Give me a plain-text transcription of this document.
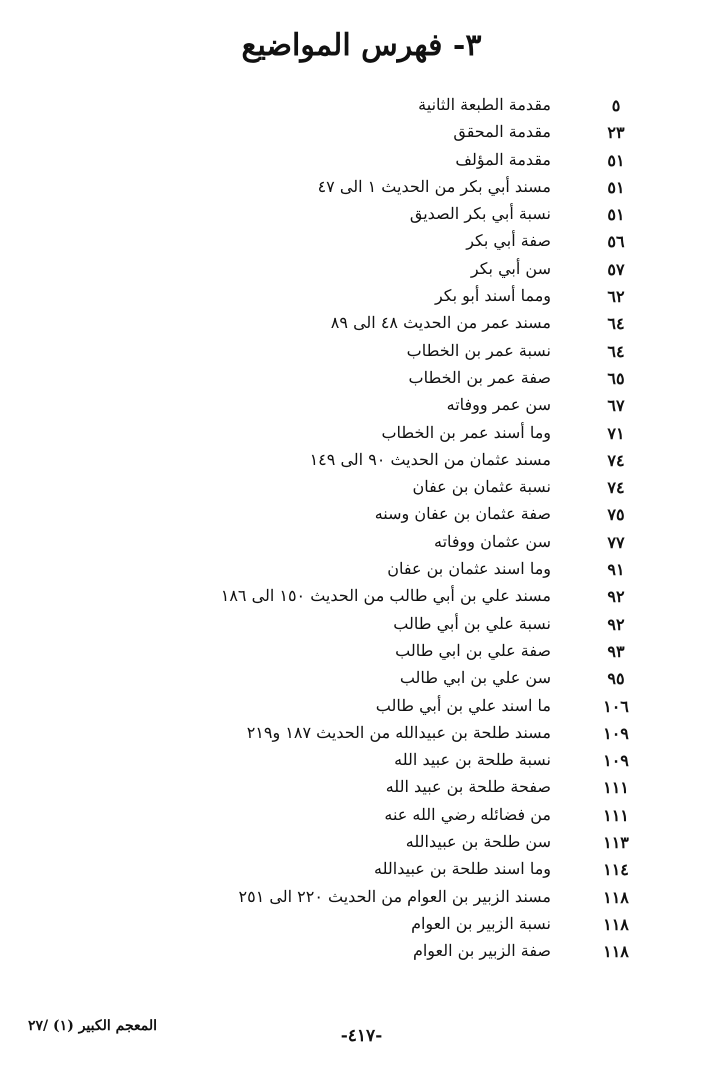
٣- فهرس المواضيع
٥
مقدمة الطبعة الثانية
٢٣
مقدمة المحقق
٥١
مقدمة المؤلف
٥١
مسند أبي بكر من الحديث ١ الى ٤٧
٥١
نسبة أبي بكر الصديق
٥٦
صفة أبي بكر
٥٧
سن أبي بكر
٦٢
ومما أسند أبو بكر
٦٤
مسند عمر من الحديث ٤٨ الى ٨٩
٦٤
نسبة عمر بن الخطاب
٦٥
صفة عمر بن الخطاب
٦٧
سن عمر ووفاته
٧١
وما أسند عمر بن الخطاب
٧٤
مسند عثمان من الحديث ٩٠ الى ١٤٩
٧٤
نسبة عثمان بن عفان
٧٥
صفة عثمان بن عفان وسنه
٧٧
سن عثمان ووفاته
٩١
وما اسند عثمان بن عفان
٩٢
مسند علي بن أبي طالب من الحديث ١٥٠ الى ١٨٦
٩٢
نسبة علي بن أبي طالب
٩٣
صفة علي بن ابي طالب
٩٥
سن علي بن ابي طالب
١٠٦
ما اسند علي بن أبي طالب
١٠٩
مسند طلحة بن عبيدالله من الحديث ١٨٧ و٢١٩
١٠٩
نسبة طلحة بن عبيد الله
١١١
صفحة طلحة بن عبيد الله
١١١
من فضائله رضي الله عنه
١١٣
سن طلحة بن عبيدالله
١١٤
وما اسند طلحة بن عبيدالله
١١٨
مسند الزبير بن العوام من الحديث ٢٢٠ الى ٢٥١
١١٨
نسبة الزبير بن العوام
١١٨
صفة الزبير بن العوام
المعجم الكبير (١) /٢٧	-٤١٧-
